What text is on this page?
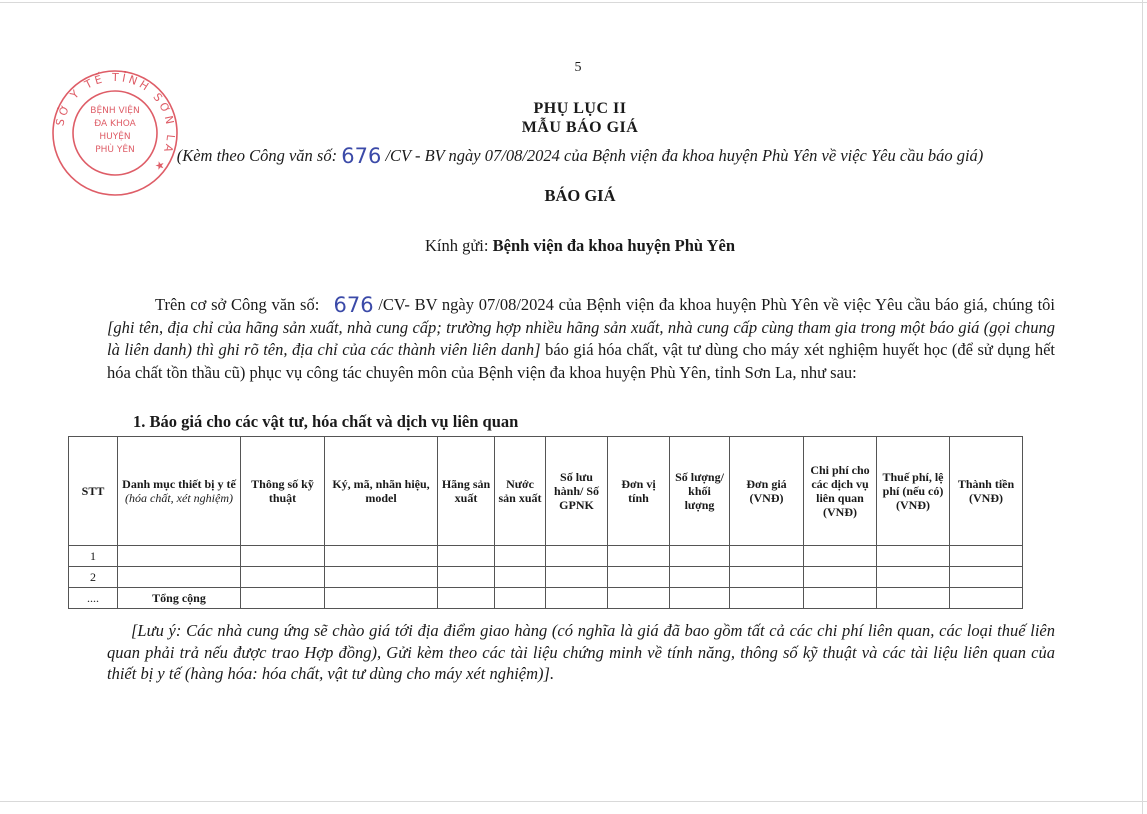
SỞ Y TẾ TỈNH SƠN LA ★
BỆNH VIỆN
ĐA KHOA
HUYỆN
PHÙ YÊN
5
PHỤ LỤC II
MẪU BÁO GIÁ
(Kèm theo Công văn số: 676 /CV - BV ngày 07/08/2024 của Bệnh viện đa khoa huyện Phù Yên về việc Yêu cầu báo giá)
BÁO GIÁ
Kính gửi: Bệnh viện đa khoa huyện Phù Yên
Trên cơ sở Công văn số: 676 /CV- BV ngày 07/08/2024 của Bệnh viện đa khoa huyện Phù Yên về việc Yêu cầu báo giá, chúng tôi [ghi tên, địa chỉ của hãng sản xuất, nhà cung cấp; trường hợp nhiều hãng sản xuất, nhà cung cấp cùng tham gia trong một báo giá (gọi chung là liên danh) thì ghi rõ tên, địa chỉ của các thành viên liên danh] báo giá hóa chất, vật tư dùng cho máy xét nghiệm huyết học (để sử dụng hết hóa chất tồn thầu cũ) phục vụ công tác chuyên môn của Bệnh viện đa khoa huyện Phù Yên, tỉnh Sơn La, như sau:
1. Báo giá cho các vật tư, hóa chất và dịch vụ liên quan
STT	Danh mục thiết bị y tế (hóa chất, xét nghiệm)	Thông số kỹ thuật	Ký, mã, nhãn hiệu, model	Hãng sản xuất	Nước sản xuất	Số lưu hành/ Số GPNK	Đơn vị tính	Số lượng/ khối lượng	Đơn giá (VNĐ)	Chi phí cho các dịch vụ liên quan (VNĐ)	Thuế phí, lệ phí (nếu có) (VNĐ)	Thành tiền (VNĐ)
1												
2												
....	Tổng cộng											
[Lưu ý: Các nhà cung ứng sẽ chào giá tới địa điểm giao hàng (có nghĩa là giá đã bao gồm tất cả các chi phí liên quan, các loại thuế liên quan phải trả nếu được trao Hợp đồng), Gửi kèm theo các tài liệu chứng minh về tính năng, thông số kỹ thuật và các tài liệu liên quan của thiết bị y tế (hàng hóa: hóa chất, vật tư dùng cho máy xét nghiệm)].
